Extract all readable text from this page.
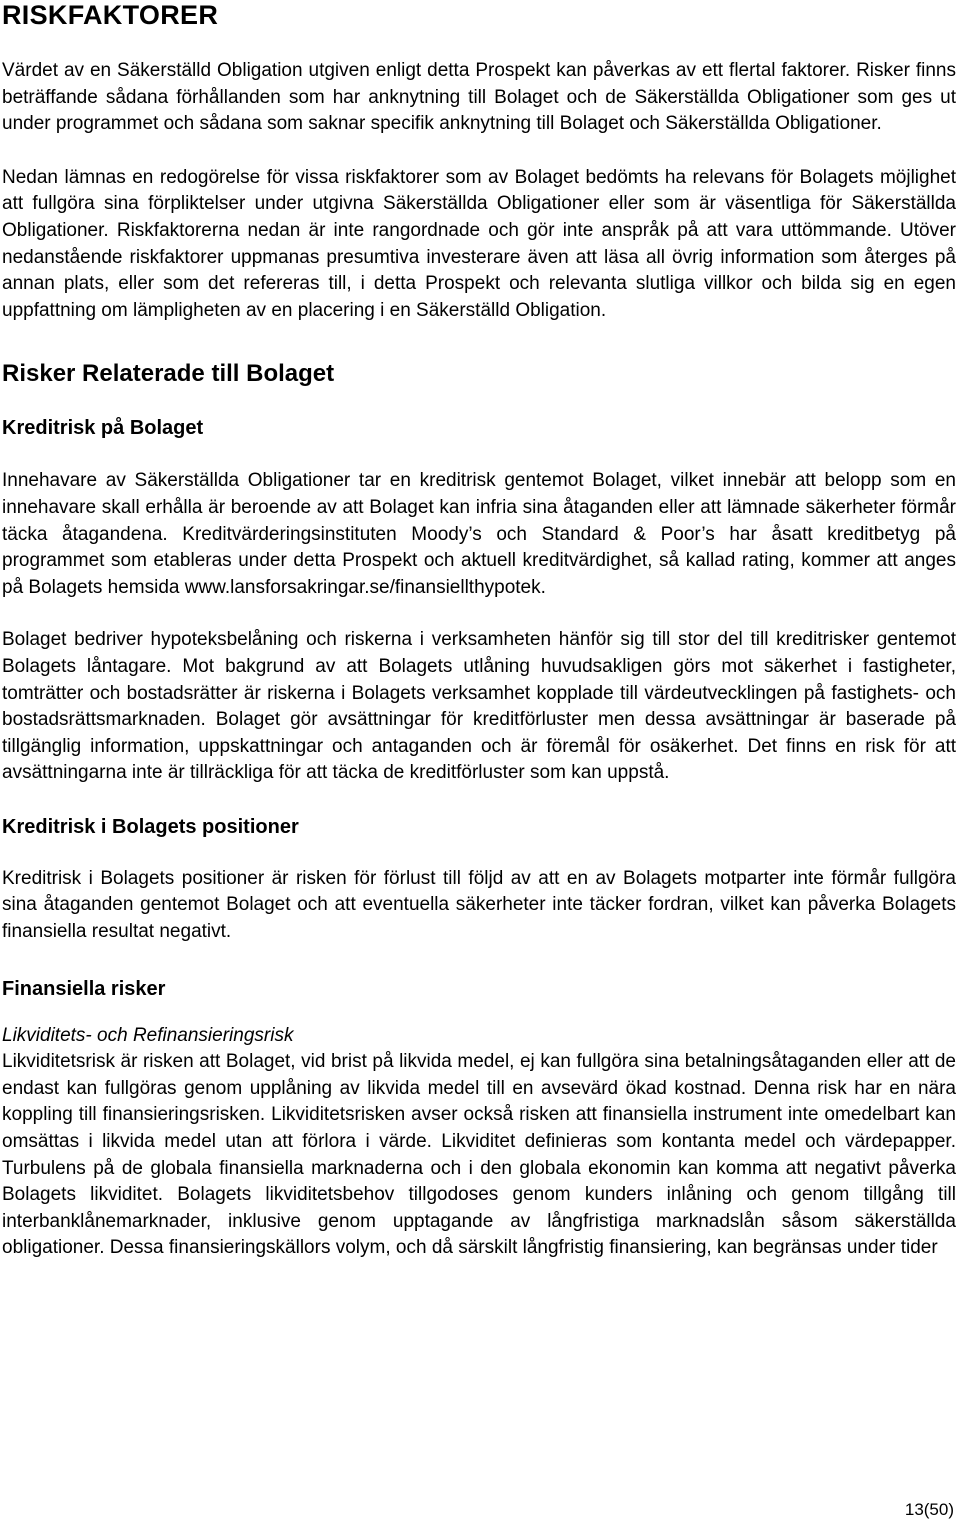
RISKFAKTORER

Värdet av en Säkerställd Obligation utgiven enligt detta Prospekt kan påverkas av ett flertal faktorer. Risker finns beträffande sådana förhållanden som har anknytning till Bolaget och de Säkerställda Obligationer som ges ut under programmet och sådana som saknar specifik anknytning till Bolaget och Säkerställda Obligationer.

Nedan lämnas en redogörelse för vissa riskfaktorer som av Bolaget bedömts ha relevans för Bolagets möjlighet att fullgöra sina förpliktelser under utgivna Säkerställda Obligationer eller som är väsentliga för Säkerställda Obligationer. Riskfaktorerna nedan är inte rangordnade och gör inte anspråk på att vara uttömmande. Utöver nedanstående riskfaktorer uppmanas presumtiva investerare även att läsa all övrig information som återges på annan plats, eller som det refereras till, i detta Prospekt och relevanta slutliga villkor och bilda sig en egen uppfattning om lämpligheten av en placering i en Säkerställd Obligation.

Risker Relaterade till Bolaget
Kreditrisk på Bolaget

Innehavare av Säkerställda Obligationer tar en kreditrisk gentemot Bolaget, vilket innebär att belopp som en innehavare skall erhålla är beroende av att Bolaget kan infria sina åtaganden eller att lämnade säkerheter förmår täcka åtagandena. Kreditvärderingsinstituten Moody’s och Standard & Poor’s har åsatt kreditbetyg på programmet som etableras under detta Prospekt och aktuell kreditvärdighet, så kallad rating, kommer att anges på Bolagets hemsida www.lansforsakringar.se/finansiellthypotek.

Bolaget bedriver hypoteksbelåning och riskerna i verksamheten hänför sig till stor del till kreditrisker gentemot Bolagets låntagare. Mot bakgrund av att Bolagets utlåning huvudsakligen görs mot säkerhet i fastigheter, tomträtter och bostadsrätter är riskerna i Bolagets verksamhet kopplade till värdeutvecklingen på fastighets- och bostadsrättsmarknaden. Bolaget gör avsättningar för kreditförluster men dessa avsättningar är baserade på tillgänglig information, uppskattningar och antaganden och är föremål för osäkerhet. Det finns en risk för att avsättningarna inte är tillräckliga för att täcka de kreditförluster som kan uppstå.

Kreditrisk i Bolagets positioner

Kreditrisk i Bolagets positioner är risken för förlust till följd av att en av Bolagets motparter inte förmår fullgöra sina åtaganden gentemot Bolaget och att eventuella säkerheter inte täcker fordran, vilket kan påverka Bolagets finansiella resultat negativt.

Finansiella risker
Likviditets- och Refinansieringsrisk

Likviditetsrisk är risken att Bolaget, vid brist på likvida medel, ej kan fullgöra sina betalningsåtaganden eller att de endast kan fullgöras genom upplåning av likvida medel till en avsevärd ökad kostnad. Denna risk har en nära koppling till finansieringsrisken. Likviditetsrisken avser också risken att finansiella instrument inte omedelbart kan omsättas i likvida medel utan att förlora i värde. Likviditet definieras som kontanta medel och värdepapper. Turbulens på de globala finansiella marknaderna och i den globala ekonomin kan komma att negativt påverka Bolagets likviditet. Bolagets likviditetsbehov tillgodoses genom kunders inlåning och genom tillgång till interbanklånemarknader, inklusive genom upptagande av långfristiga marknadslån såsom säkerställda obligationer. Dessa finansieringskällors volym, och då särskilt långfristig finansiering, kan begränsas under tider

13(50)
